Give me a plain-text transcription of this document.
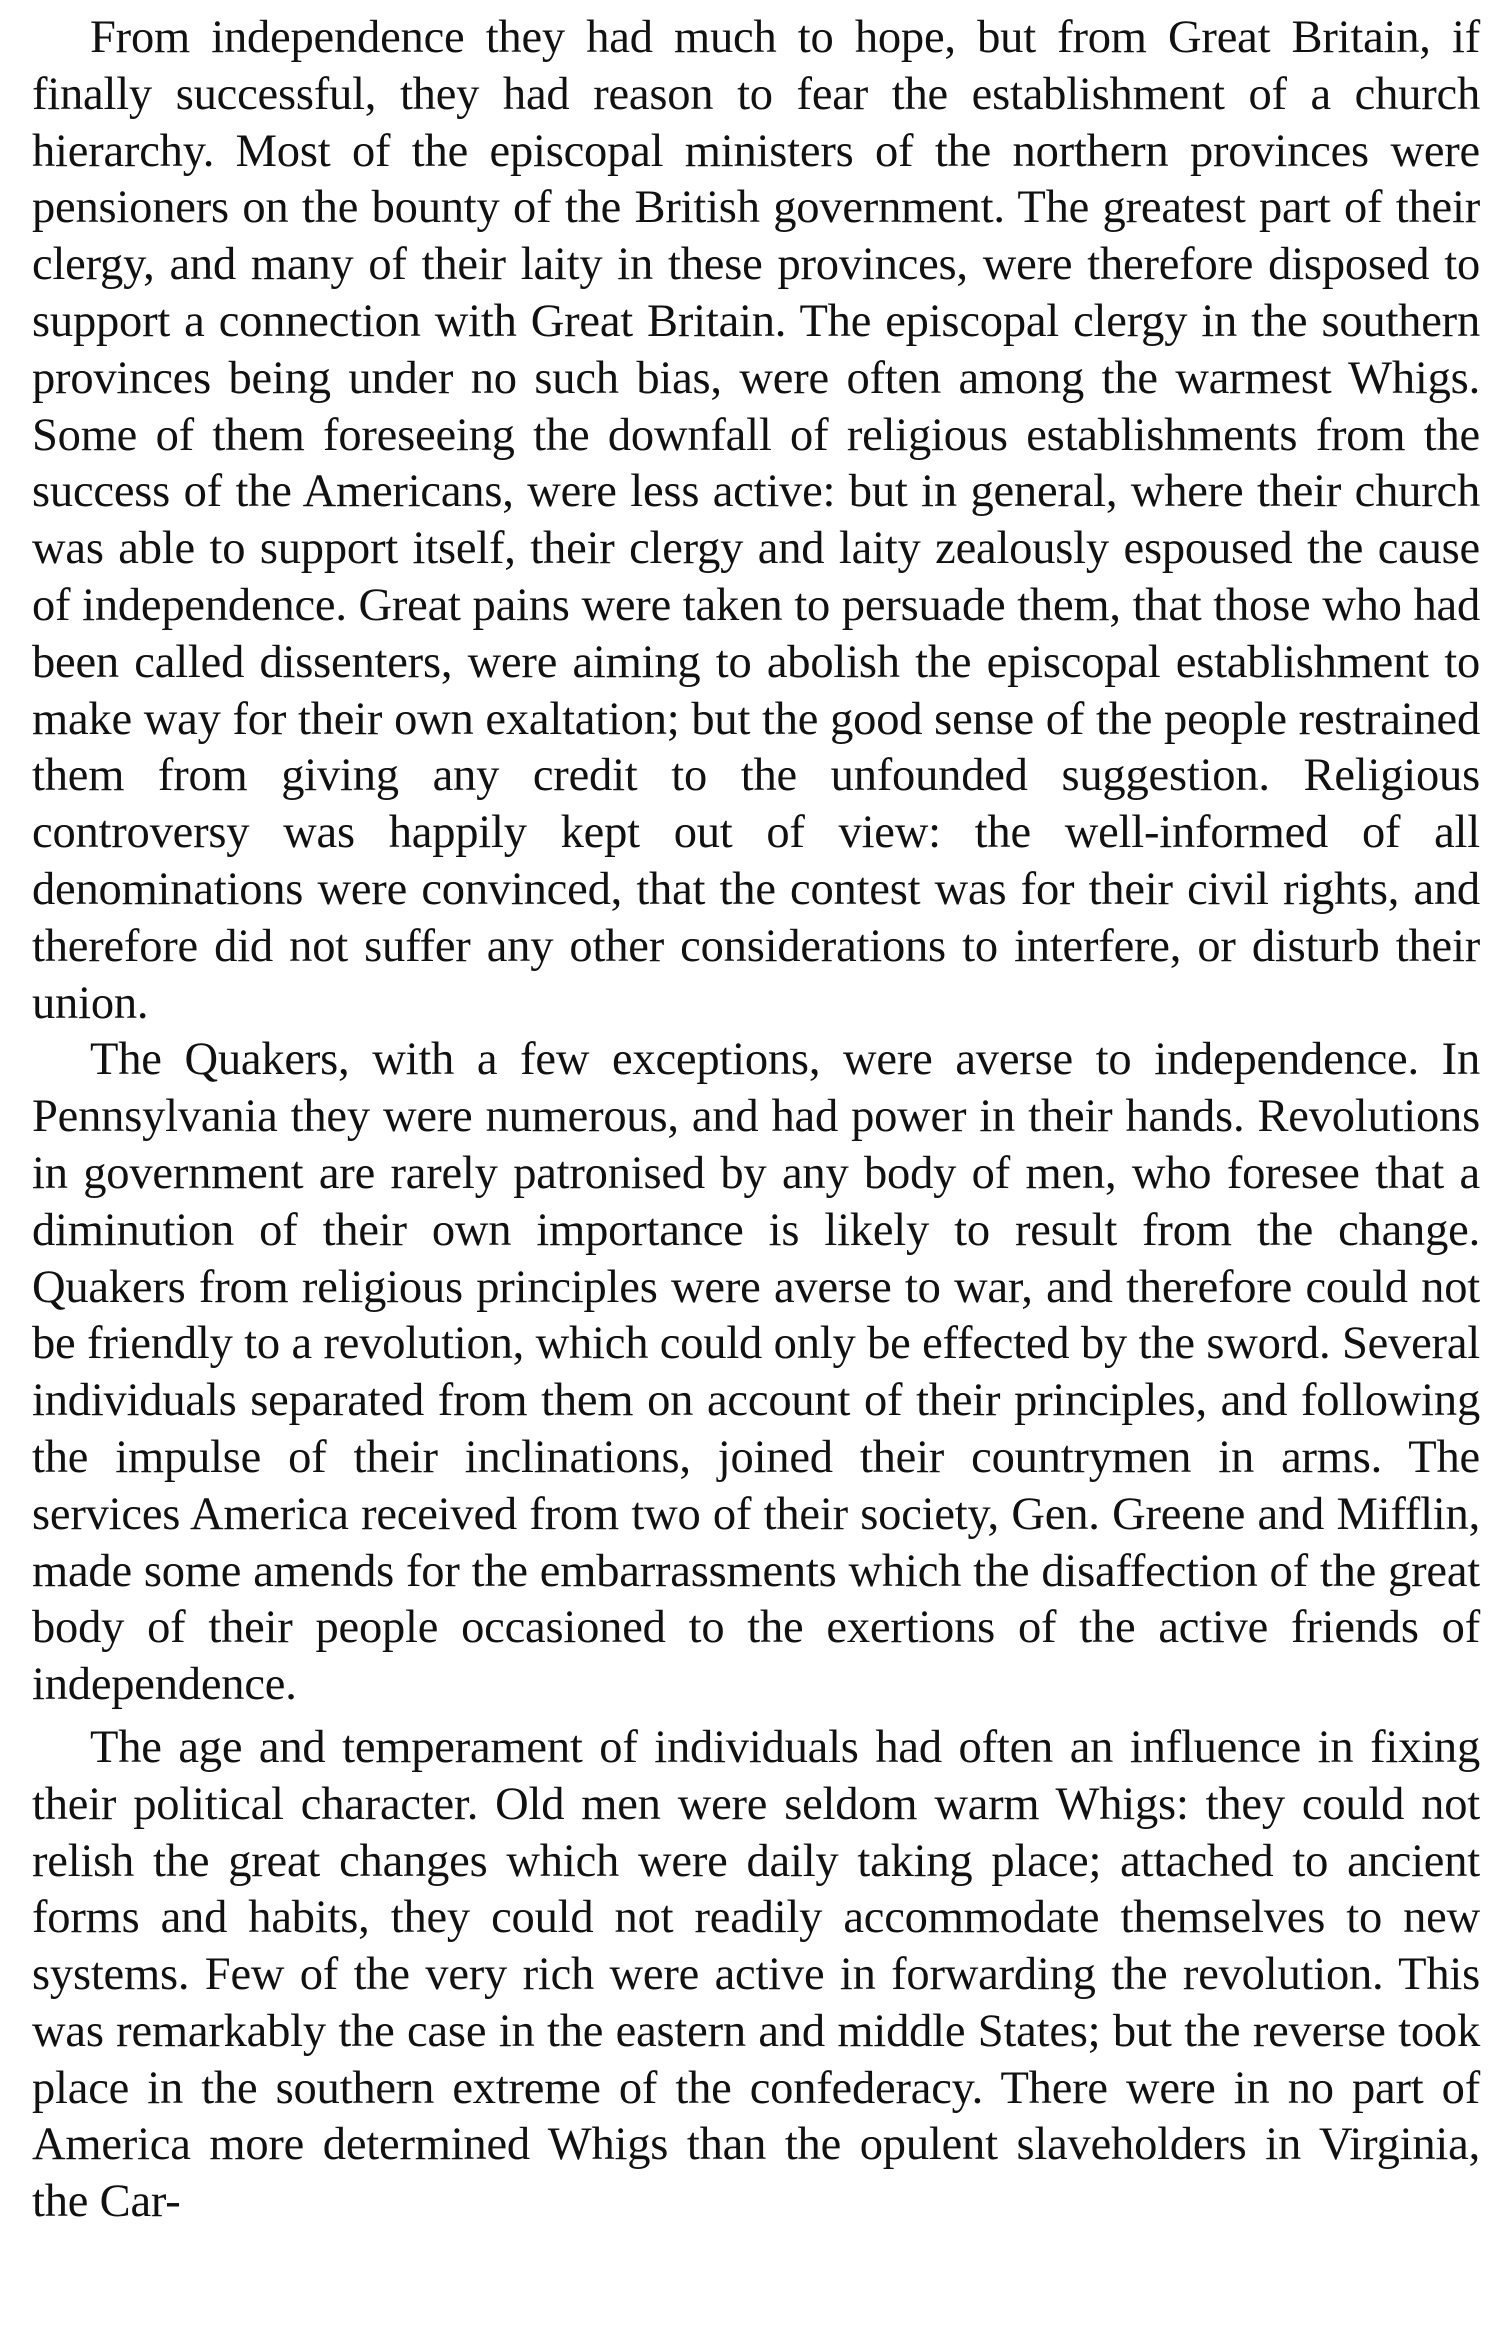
From independence they had much to hope, but from Great Britain, if finally successful, they had reason to fear the establishment of a church hierarchy. Most of the episcopal ministers of the northern provinces were pensioners on the bounty of the British government. The greatest part of their clergy, and many of their laity in these provinces, were therefore disposed to support a connection with Great Britain. The episcopal clergy in the southern provinces being under no such bias, were often among the warmest Whigs. Some of them foreseeing the downfall of religious establishments from the success of the Americans, were less active: but in general, where their church was able to support itself, their clergy and laity zealously espoused the cause of independence. Great pains were taken to persuade them, that those who had been called dissenters, were aiming to abolish the episcopal establishment to make way for their own exaltation; but the good sense of the people restrained them from giving any credit to the unfounded suggestion. Religious controversy was happily kept out of view: the well-informed of all denominations were convinced, that the contest was for their civil rights, and therefore did not suffer any other considerations to interfere, or disturb their union.

The Quakers, with a few exceptions, were averse to independence. In Pennsylvania they were numerous, and had power in their hands. Revolutions in government are rarely patronised by any body of men, who foresee that a diminution of their own importance is likely to result from the change. Quakers from religious principles were averse to war, and therefore could not be friendly to a revolution, which could only be effected by the sword. Several individuals separated from them on account of their principles, and following the impulse of their inclinations, joined their countrymen in arms. The services America received from two of their society, Gen. Greene and Mifflin, made some amends for the embarrassments which the disaffection of the great body of their people occasioned to the exertions of the active friends of independence.

The age and temperament of individuals had often an influence in fixing their political character. Old men were seldom warm Whigs: they could not relish the great changes which were daily taking place; attached to ancient forms and habits, they could not readily accommodate themselves to new systems. Few of the very rich were active in forwarding the revolution. This was remarkably the case in the eastern and middle States; but the reverse took place in the southern extreme of the confederacy. There were in no part of America more determined Whigs than the opulent slaveholders in Virginia, the Car-
